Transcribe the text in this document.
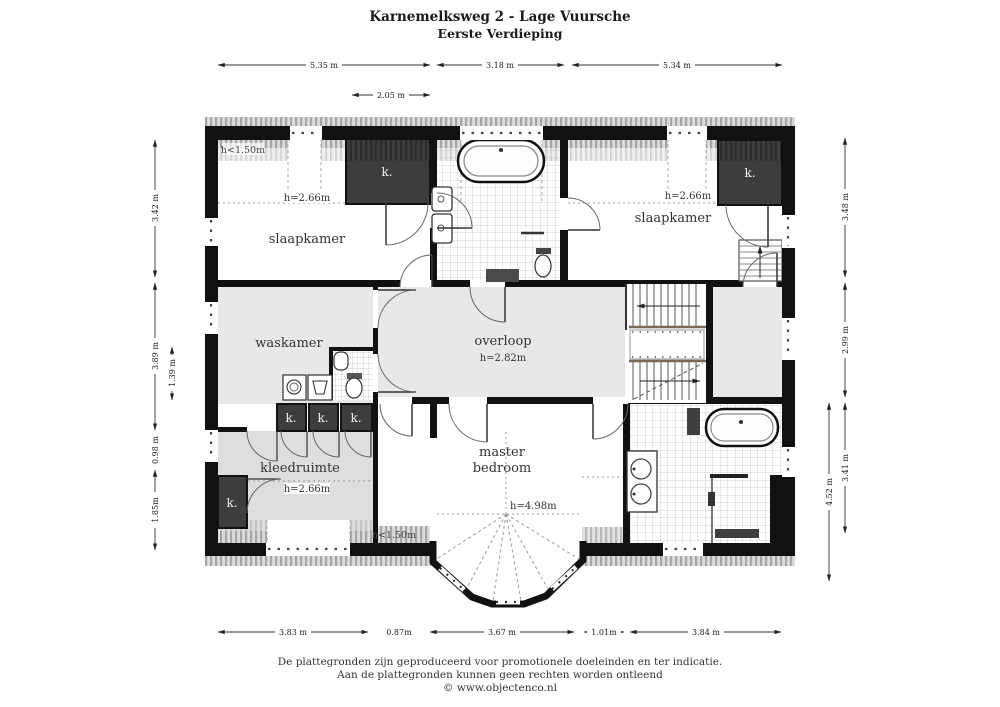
Karnemelksweg 2 - Lage Vuursche
Eerste Verdieping
slaapkamer
h=2.66m
slaapkamer
h=2.66m
waskamer	overloop
h=2.82m
master
bedroom
h=4.98m
kleedruimte
h=2.66m
h<1.50m
h<1.50m
k.	k.
k. k. k.
k.
5.35 m	3.18 m	5.34 m
2.05 m
3.83 m	0.87m	3.67 m	1.01m	3.84 m
3.42 m
3.89 m
0.98 m
1.85m
1.39 m
3.48 m
2.99 m
3.41 m
4.52 m
De plattegronden zijn geproduceerd voor promotionele doeleinden en ter indicatie.
Aan de plattegronden kunnen geen rechten worden ontleend
© www.objectenco.nl
